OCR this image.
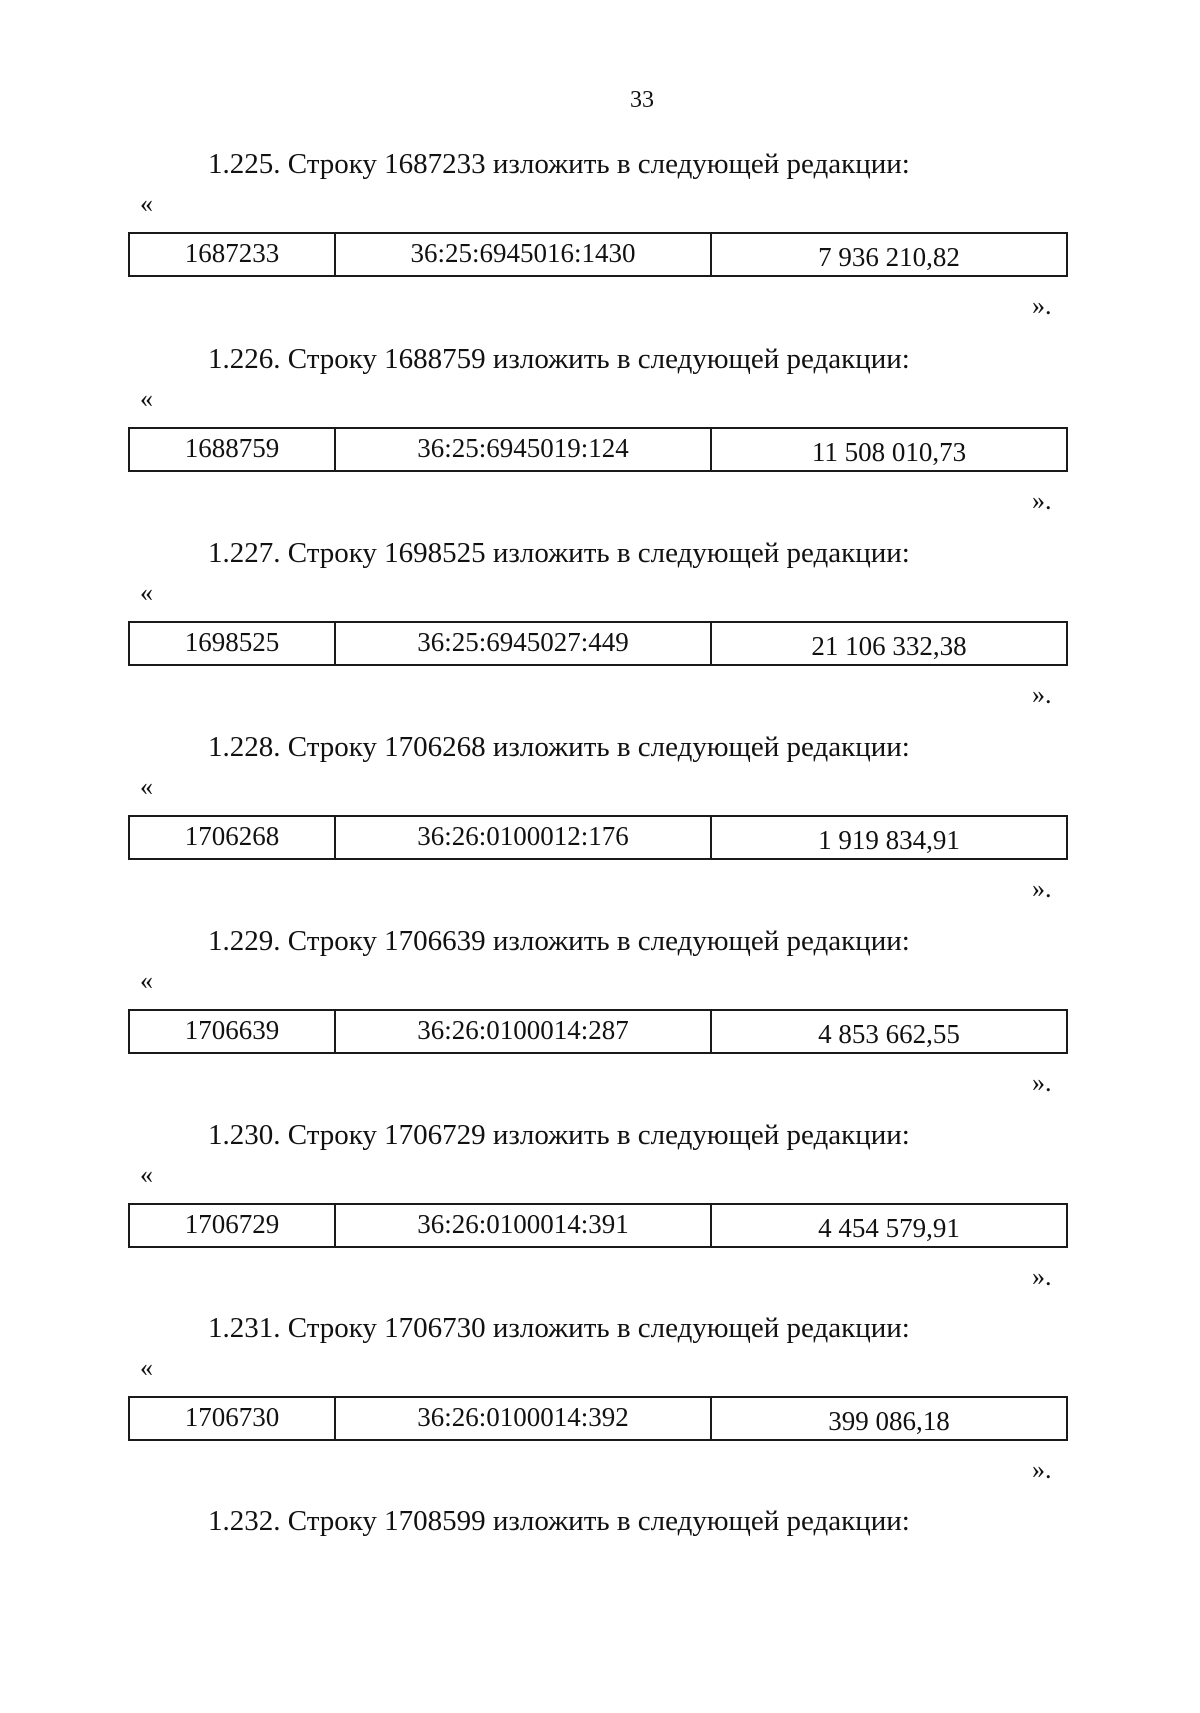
33
1.225. Строку 1687233 изложить в следующей редакции:
«
1687233	36:25:6945016:1430	7 936 210,82
».
1.226. Строку 1688759 изложить в следующей редакции:
«
1688759	36:25:6945019:124	11 508 010,73
».
1.227. Строку 1698525 изложить в следующей редакции:
«
1698525	36:25:6945027:449	21 106 332,38
».
1.228. Строку 1706268 изложить в следующей редакции:
«
1706268	36:26:0100012:176	1 919 834,91
».
1.229. Строку 1706639 изложить в следующей редакции:
«
1706639	36:26:0100014:287	4 853 662,55
».
1.230. Строку 1706729 изложить в следующей редакции:
«
1706729	36:26:0100014:391	4 454 579,91
».
1.231. Строку 1706730 изложить в следующей редакции:
«
1706730	36:26:0100014:392	399 086,18
».
1.232. Строку 1708599 изложить в следующей редакции:
